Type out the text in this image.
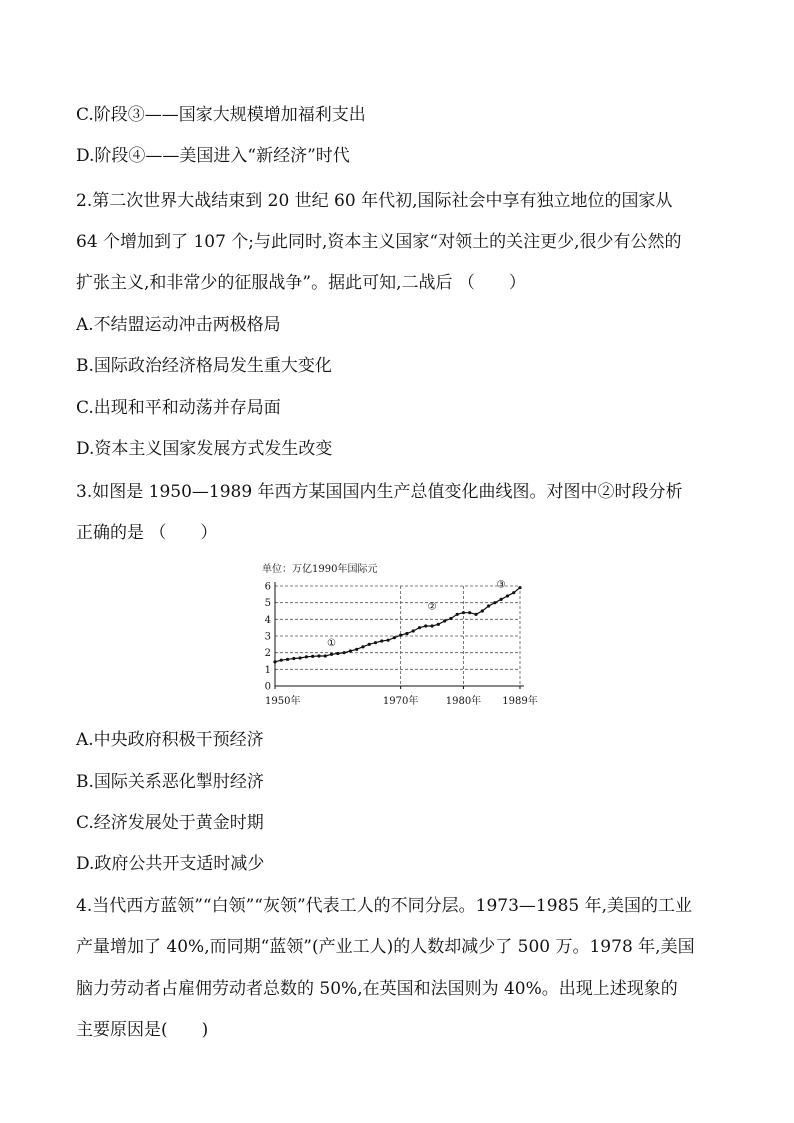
C.阶段③——国家大规模增加福利支出
D.阶段④——美国进入“新经济”时代
2.第二次世界大战结束到 20 世纪 60 年代初,国际社会中享有独立地位的国家从
64 个增加到了 107 个;与此同时,资本主义国家“对领土的关注更少,很少有公然的
扩张主义,和非常少的征服战争”。据此可知,二战后 （　　）
A.不结盟运动冲击两极格局
B.国际政治经济格局发生重大变化
C.出现和平和动荡并存局面
D.资本主义国家发展方式发生改变
3.如图是 1950—1989 年西方某国国内生产总值变化曲线图。对图中②时段分析
正确的是 （　　）
A.中央政府积极干预经济
B.国际关系恶化掣肘经济
C.经济发展处于黄金时期
D.政府公共开支适时减少
4.当代西方蓝领”“白领”“灰领”代表工人的不同分层。1973—1985 年,美国的工业
产量增加了 40%,而同期“蓝领”(产业工人)的人数却减少了 500 万。1978 年,美国
脑力劳动者占雇佣劳动者总数的 50%,在英国和法国则为 40%。出现上述现象的
主要原因是(　　)
单位：万亿1990年国际元
0
1
2
3
4
5
6
1950年	1970年	1980年 1989年
①
②
③
